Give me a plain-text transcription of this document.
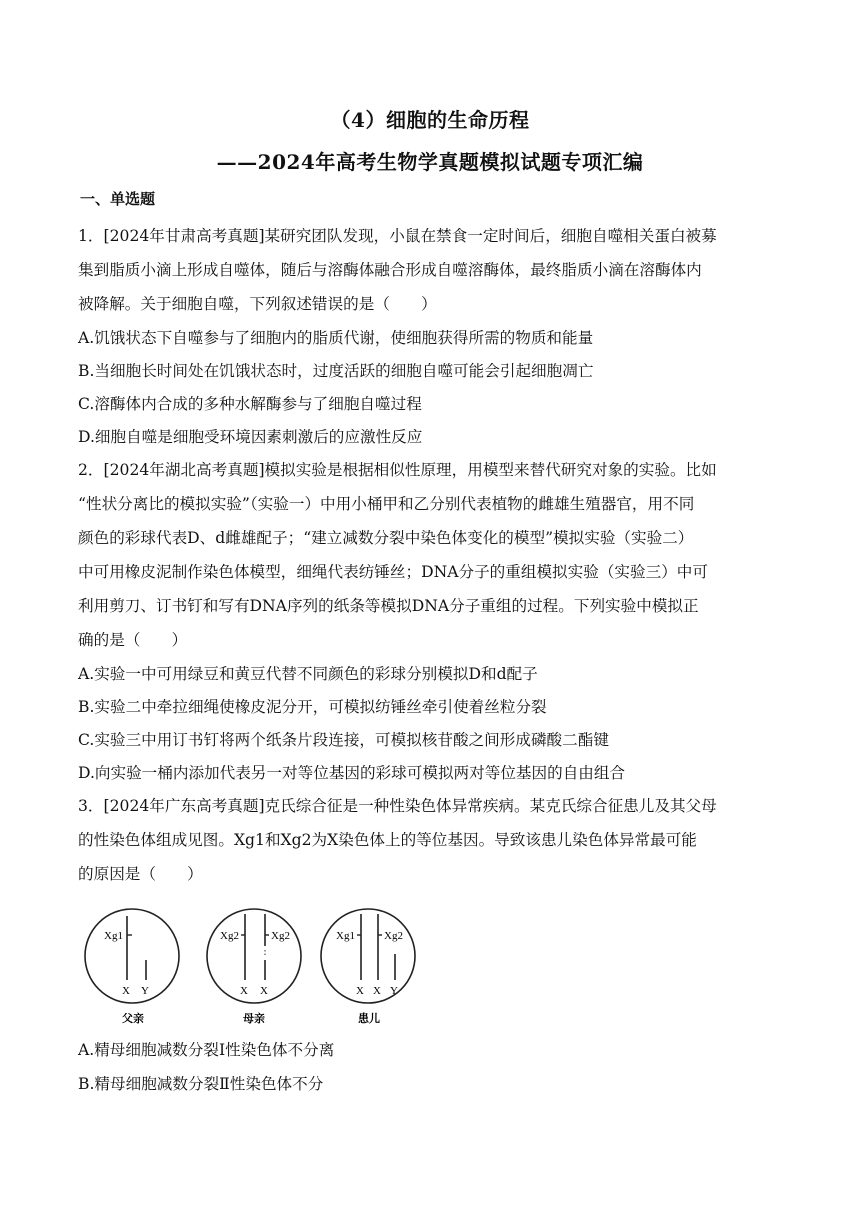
（4）细胞的生命历程
——2024年高考生物学真题模拟试题专项汇编
一、单选题
1．[2024年甘肃高考真题]某研究团队发现，小鼠在禁食一定时间后，细胞自噬相关蛋白被募
集到脂质小滴上形成自噬体，随后与溶酶体融合形成自噬溶酶体，最终脂质小滴在溶酶体内
被降解。关于细胞自噬，下列叙述错误的是（　　）
A.饥饿状态下自噬参与了细胞内的脂质代谢，使细胞获得所需的物质和能量
B.当细胞长时间处在饥饿状态时，过度活跃的细胞自噬可能会引起细胞凋亡
C.溶酶体内合成的多种水解酶参与了细胞自噬过程
D.细胞自噬是细胞受环境因素刺激后的应激性反应
2．[2024年湖北高考真题]模拟实验是根据相似性原理，用模型来替代研究对象的实验。比如
“性状分离比的模拟实验”（实验一）中用小桶甲和乙分别代表植物的雌雄生殖器官，用不同
颜色的彩球代表D、d雌雄配子；“建立减数分裂中染色体变化的模型”模拟实验（实验二）
中可用橡皮泥制作染色体模型，细绳代表纺锤丝；DNA分子的重组模拟实验（实验三）中可
利用剪刀、订书钉和写有DNA序列的纸条等模拟DNA分子重组的过程。下列实验中模拟正
确的是（　　）
A.实验一中可用绿豆和黄豆代替不同颜色的彩球分别模拟D和d配子
B.实验二中牵拉细绳使橡皮泥分开，可模拟纺锤丝牵引使着丝粒分裂
C.实验三中用订书钉将两个纸条片段连接，可模拟核苷酸之间形成磷酸二酯键
D.向实验一桶内添加代表另一对等位基因的彩球可模拟两对等位基因的自由组合
3．[2024年广东高考真题]克氏综合征是一种性染色体异常疾病。某克氏综合征患儿及其父母
的性染色体组成见图。Xg1和Xg2为X染色体上的等位基因。导致该患儿染色体异常最可能
的原因是（　　）
Xg1
X Y
父亲
Xg2	Xg2
X X
母亲
Xg1	Xg2
X X Y
患儿
A.精母细胞减数分裂Ⅰ性染色体不分离
B.精母细胞减数分裂Ⅱ性染色体不分
